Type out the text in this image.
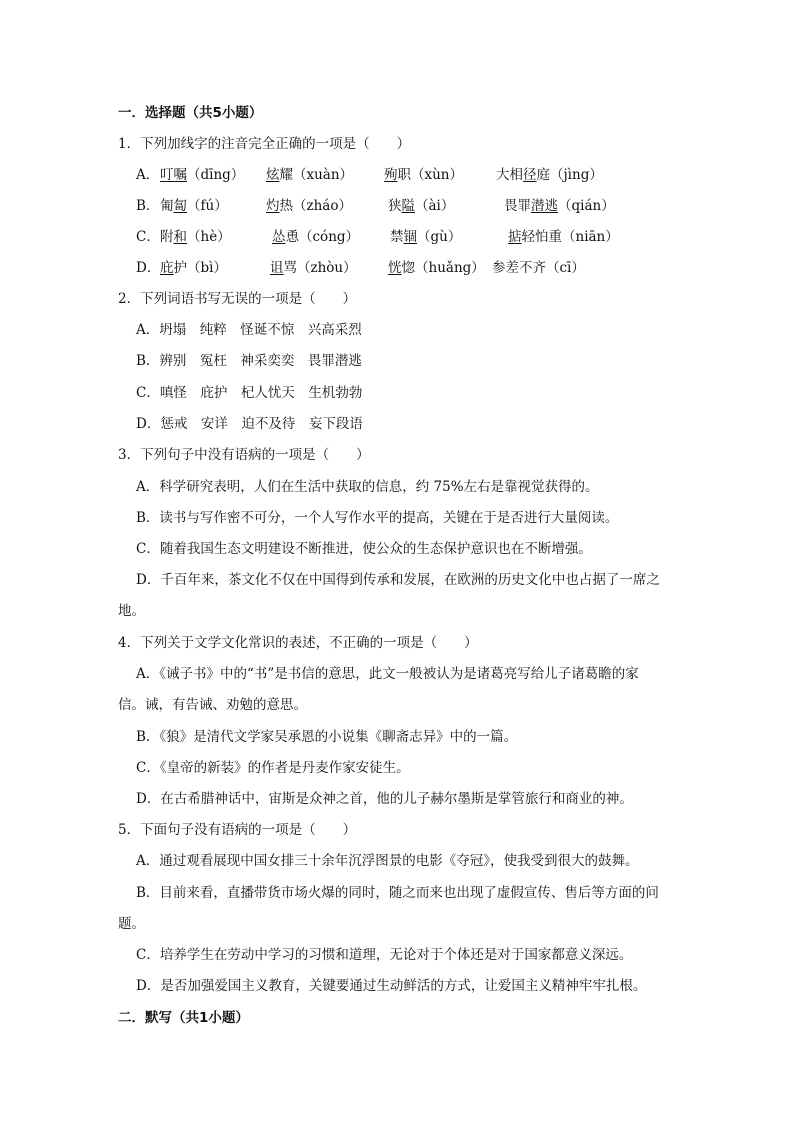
一．选择题（共5小题）
1．下列加线字的注音完全正确的一项是（　　）
A． 叮嘱（dīng） 炫耀（xuàn） 殉职（xùn） 大相径庭（jìng）
B． 匍匐（fú）	灼热（zháo）	狭隘（ài）	畏罪潜逃（qián）
C． 附和（hè）	怂恿（cóng） 禁锢（gù）	掂轻怕重（niān）
D． 庇护（bì）	诅骂（zhòu） 恍惚（huǎng） 参差不齐（cī）
2．下列词语书写无误的一项是（　　）
A．坍塌　纯粹　怪诞不惊　兴高采烈
B．辨别　冤枉　神采奕奕　畏罪潜逃
C．嗔怪　庇护　杞人忧天　生机勃勃
D．惩戒　安详　迫不及待　妄下段语
3．下列句子中没有语病的一项是（　　）
A．科学研究表明，人们在生活中获取的信息，约 75%左右是靠视觉获得的。
B．读书与写作密不可分，一个人写作水平的提高，关键在于是否进行大量阅读。
C．随着我国生态文明建设不断推进，使公众的生态保护意识也在不断增强。
D．千百年来，茶文化不仅在中国得到传承和发展，在欧洲的历史文化中也占据了一席之
地。
4．下列关于文学文化常识的表述，不正确的一项是（　　）
A．《诫子书》中的“书”是书信的意思，此文一般被认为是诸葛亮写给儿子诸葛瞻的家
信。诫，有告诫、劝勉的意思。
B．《狼》是清代文学家吴承恩的小说集《聊斋志异》中的一篇。
C．《皇帝的新装》的作者是丹麦作家安徒生。
D．在古希腊神话中，宙斯是众神之首，他的儿子赫尔墨斯是掌管旅行和商业的神。
5．下面句子没有语病的一项是（　　）
A．通过观看展现中国女排三十余年沉浮图景的电影《夺冠》，使我受到很大的鼓舞。
B．目前来看，直播带货市场火爆的同时，随之而来也出现了虚假宣传、售后等方面的问
题。
C．培养学生在劳动中学习的习惯和道理，无论对于个体还是对于国家都意义深远。
D．是否加强爱国主义教育，关键要通过生动鲜活的方式，让爱国主义精神牢牢扎根。
二．默写（共1小题）
